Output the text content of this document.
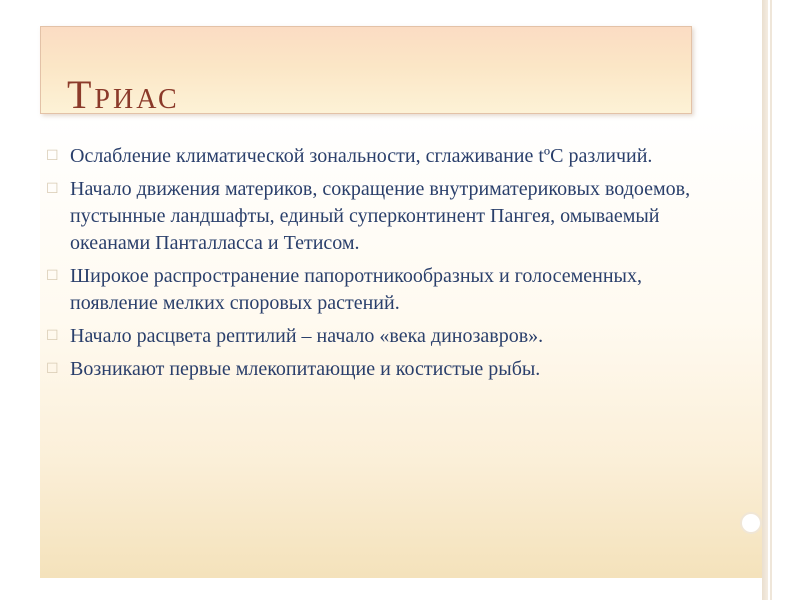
Триас
☐ Ослабление климатической зональности, сглаживание tºС различий.
☐ Начало движения материков, сокращение внутриматериковых водоемов, пустынные ландшафты, единый суперконтинент Пангея, омываемый океанами Панталласса и Тетисом.
☐ Широкое распространение папоротникообразных и голосеменных, появление мелких споровых растений.
☐ Начало расцвета рептилий – начало «века динозавров».
☐ Возникают первые млекопитающие и костистые рыбы.
